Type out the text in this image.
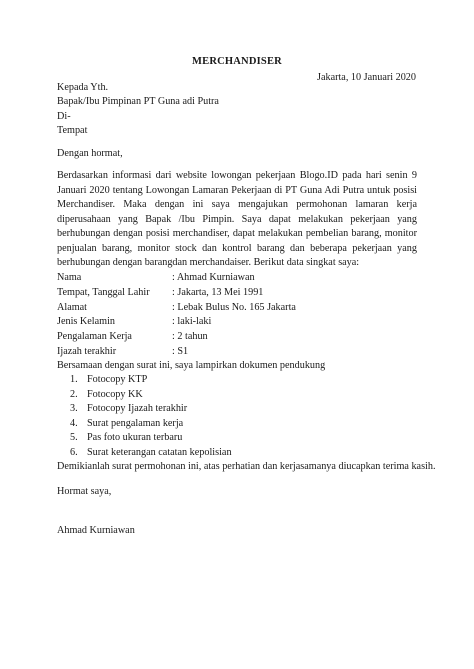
MERCHANDISER
Jakarta, 10 Januari 2020
Kepada Yth.
Bapak/Ibu Pimpinan PT Guna adi Putra
Di-
Tempat
Dengan hormat,
Berdasarkan informasi dari website lowongan pekerjaan Blogo.ID pada hari senin 9 Januari 2020 tentang Lowongan Lamaran Pekerjaan di PT Guna Adi Putra untuk posisi Merchandiser. Maka dengan ini saya mengajukan permohonan lamaran kerja diperusahaan yang Bapak /Ibu Pimpin. Saya dapat melakukan pekerjaan yang berhubungan dengan posisi merchandiser, dapat melakukan pembelian barang, monitor penjualan barang, monitor stock dan kontrol barang dan beberapa pekerjaan yang berhubungan dengan barangdan merchandaiser. Berikut data singkat saya:
Nama	: Ahmad Kurniawan
Tempat, Tanggal Lahir	: Jakarta, 13 Mei 1991
Alamat	: Lebak Bulus No. 165 Jakarta
Jenis Kelamin	: laki-laki
Pengalaman Kerja	: 2 tahun
Ijazah terakhir	: S1
Bersamaan dengan surat ini, saya lampirkan dokumen pendukung
1. Fotocopy KTP
2. Fotocopy KK
3. Fotocopy Ijazah terakhir
4. Surat pengalaman kerja
5. Pas foto ukuran terbaru
6. Surat keterangan catatan kepolisian
Demikianlah surat permohonan ini, atas perhatian dan kerjasamanya diucapkan terima kasih.
Hormat saya,
Ahmad Kurniawan
